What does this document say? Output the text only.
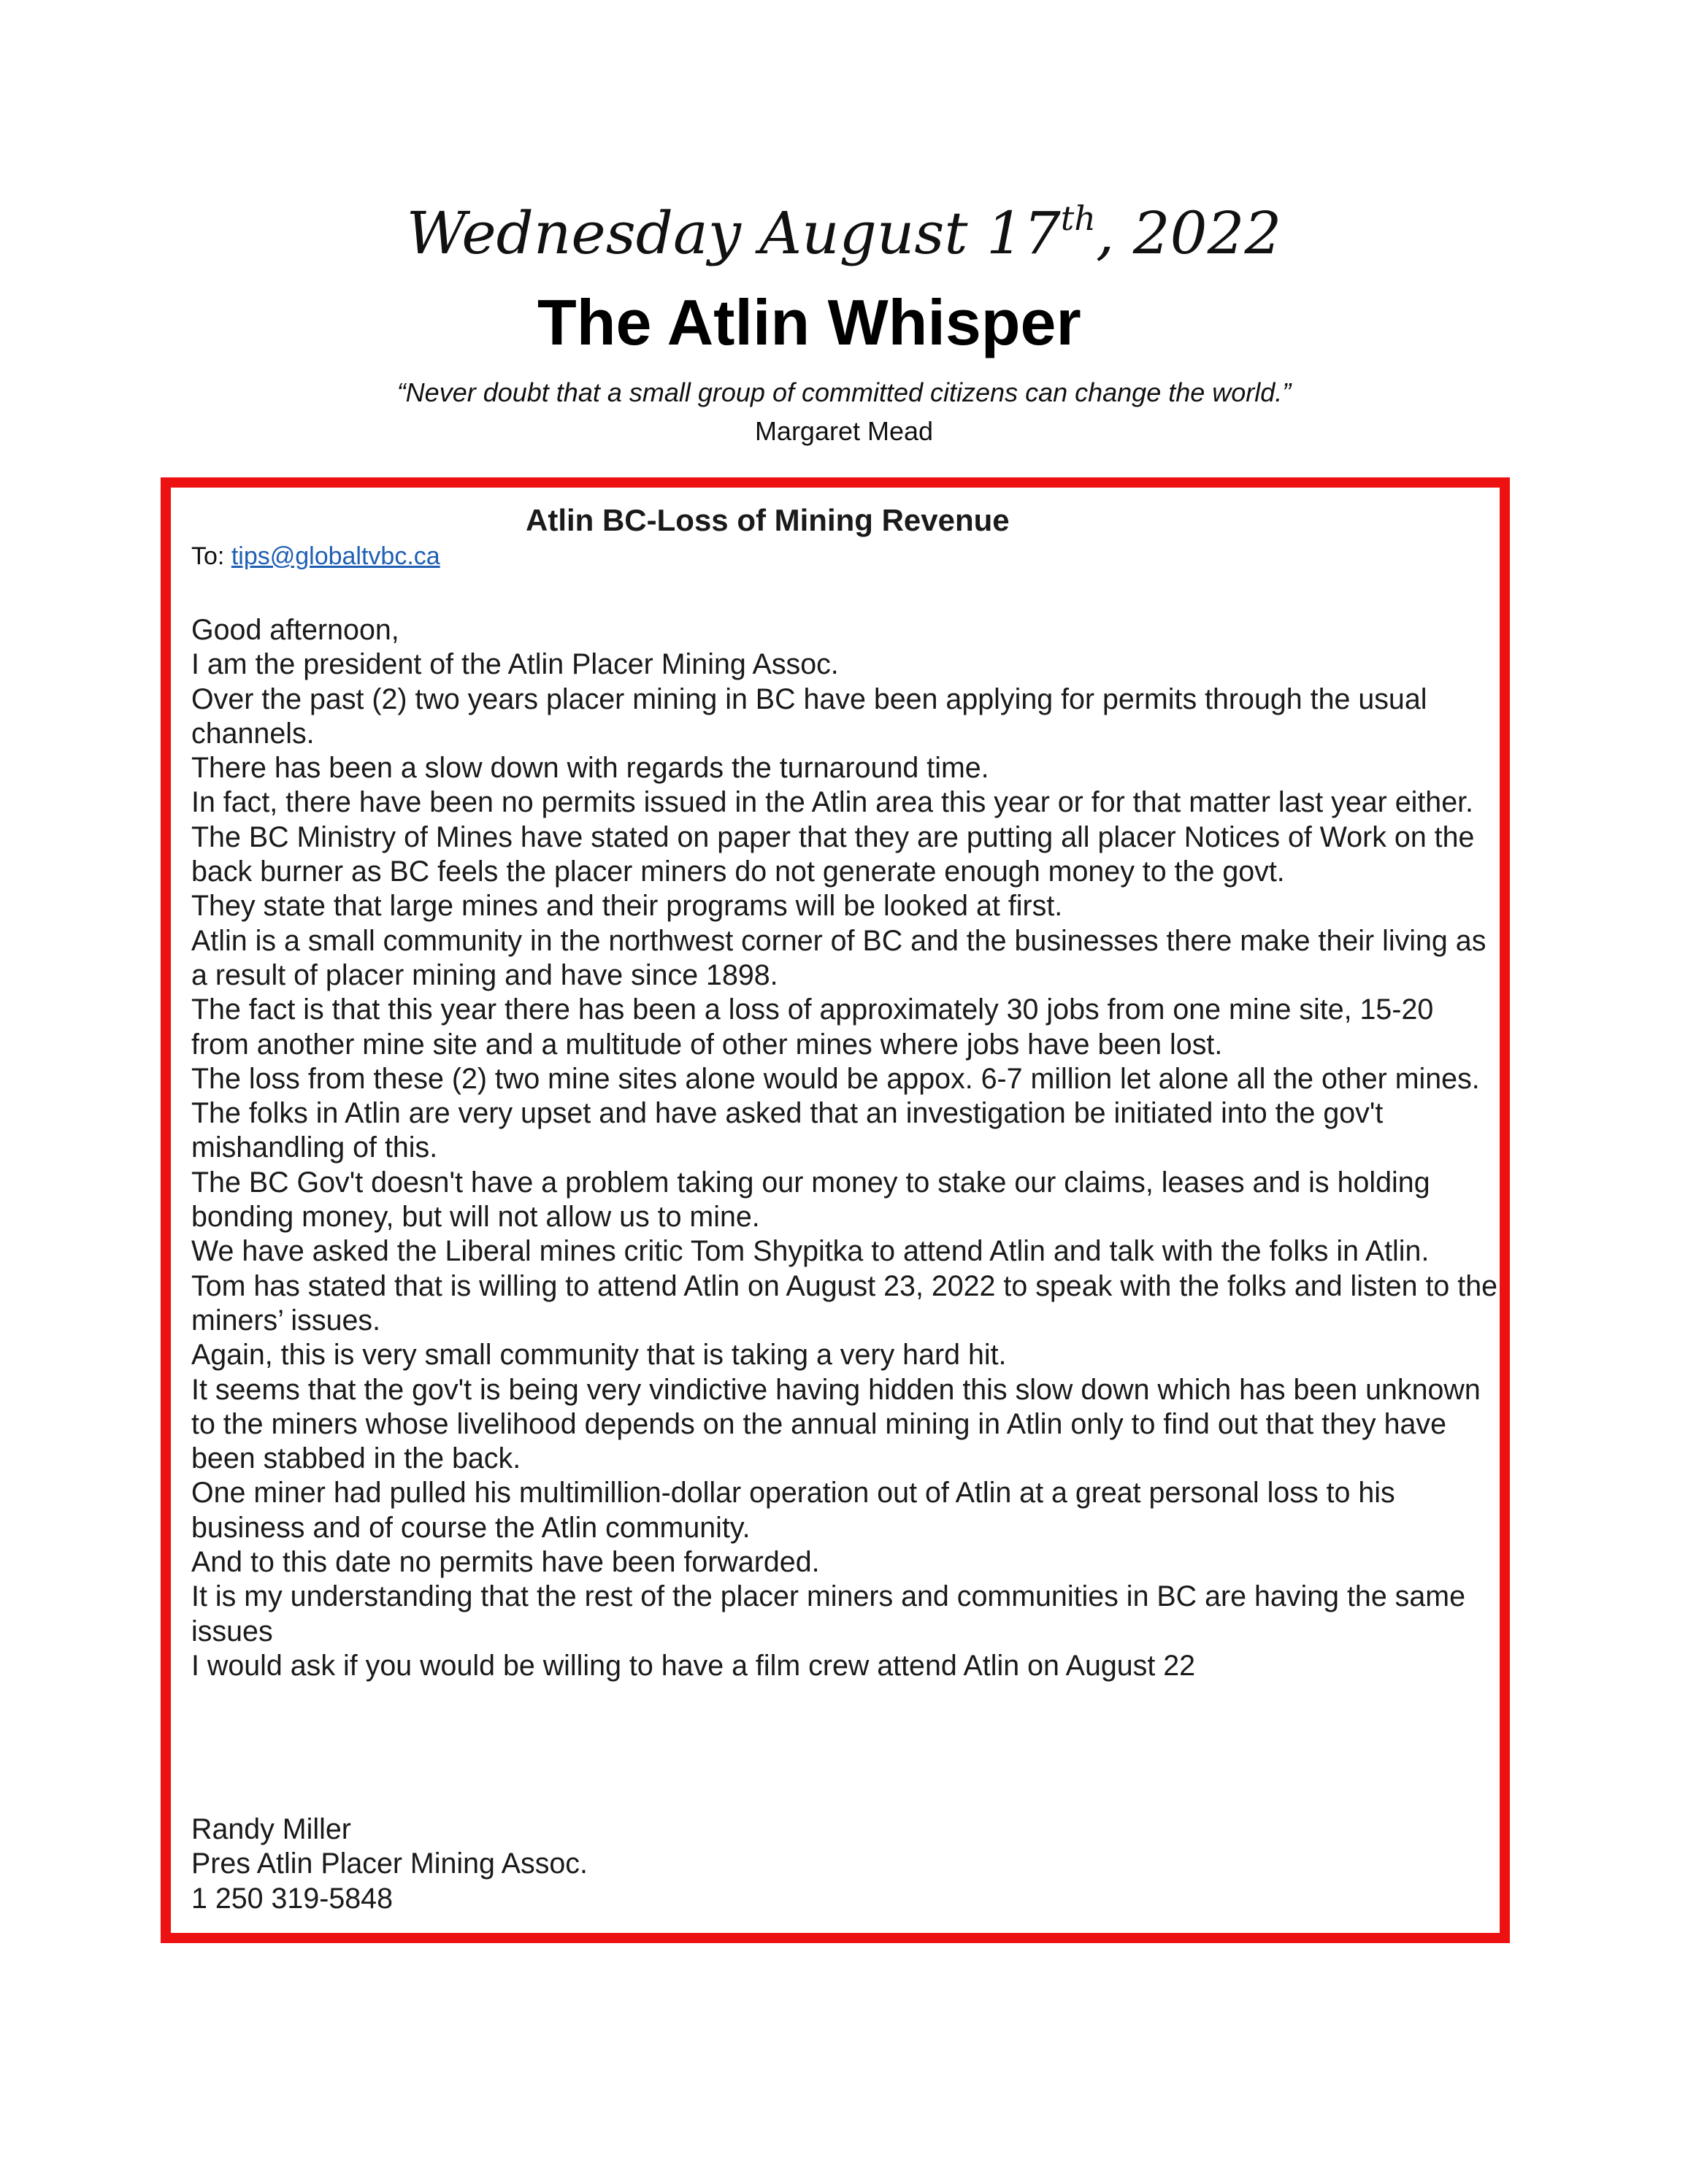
Wednesday August 17th, 2022
The Atlin Whisper
“Never doubt that a small group of committed citizens can change the world.”
Margaret Mead
Atlin BC-Loss of Mining Revenue
To: tips@globaltvbc.ca

Good afternoon,

I am the president of the Atlin Placer Mining Assoc.

Over the past (2) two years placer mining in BC have been applying for permits through the usual channels.

There has been a slow down with regards the turnaround time.

In fact, there have been no permits issued in the Atlin area this year or for that matter last year either.

The BC Ministry of Mines have stated on paper that they are putting all placer Notices of Work on the back burner as BC feels the placer miners do not generate enough money to the govt.

They state that large mines and their programs will be looked at first.

Atlin is a small community in the northwest corner of BC and the businesses there make their living as a result of placer mining and have since 1898.

The fact is that this year there has been a loss of approximately 30 jobs from one mine site, 15-20 from another mine site and a multitude of other mines where jobs have been lost.

The loss from these (2) two mine sites alone would be appox. 6-7 million let alone all the other mines.

The folks in Atlin are very upset and have asked that an investigation be initiated into the gov't mishandling of this.

The BC Gov't doesn't have a problem taking our money to stake our claims, leases and is holding bonding money, but will not allow us to mine.

We have asked the Liberal mines critic Tom Shypitka to attend Atlin and talk with the folks in Atlin.

Tom has stated that is willing to attend Atlin on August 23, 2022 to speak with the folks and listen to the miners’ issues.

Again, this is very small community that is taking a very hard hit.

It seems that the gov't is being very vindictive having hidden this slow down which has been unknown to the miners whose livelihood depends on the annual mining in Atlin only to find out that they have been stabbed in the back.

One miner had pulled his multimillion-dollar operation out of Atlin at a great personal loss to his business and of course the Atlin community.

And to this date no permits have been forwarded.

It is my understanding that the rest of the placer miners and communities in BC are having the same issues

I would ask if you would be willing to have a film crew attend Atlin on August 22

Randy Miller
Pres Atlin Placer Mining Assoc.
1 250 319-5848
